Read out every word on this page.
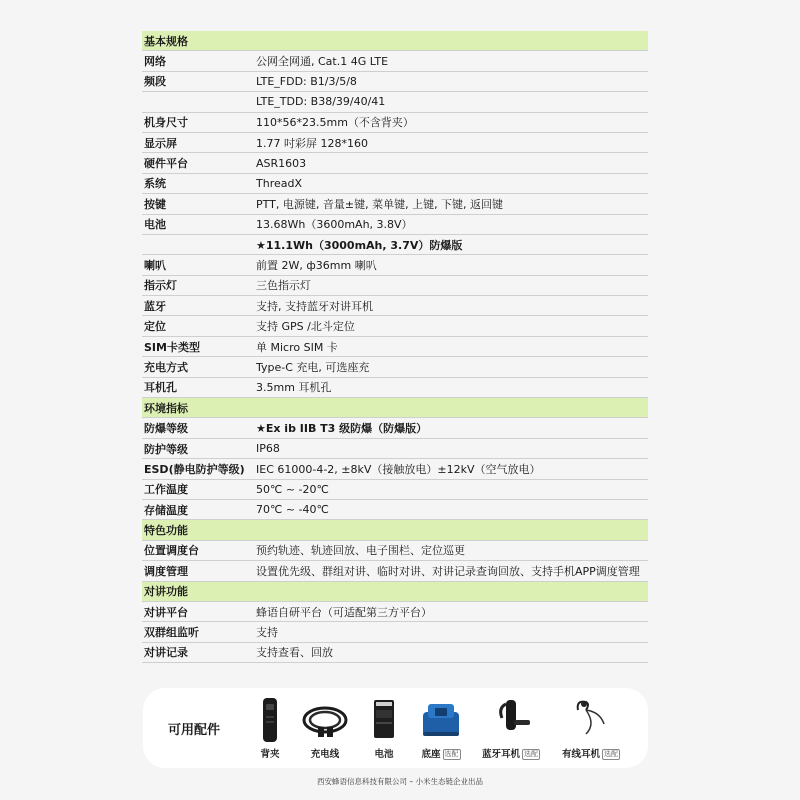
基本规格
网络	公网全网通, Cat.1 4G LTE
频段	LTE_FDD: B1/3/5/8
LTE_TDD: B38/39/40/41
机身尺寸	110*56*23.5mm（不含背夹）
显示屏	1.77 吋彩屏 128*160
硬件平台	ASR1603
系统	ThreadX
按键	PTT, 电源键, 音量±键, 菜单键, 上键, 下键, 返回键
电池	13.68Wh（3600mAh, 3.8V）
★11.1Wh（3000mAh, 3.7V）防爆版
喇叭	前置 2W, ф36mm 喇叭
指示灯	三色指示灯
蓝牙	支持, 支持蓝牙对讲耳机
定位	支持 GPS /北斗定位
SIM卡类型	单 Micro SIM 卡
充电方式	Type-C 充电, 可选座充
耳机孔	3.5mm 耳机孔
环境指标
防爆等级	★Ex ib IIB T3 级防爆（防爆版）
防护等级	IP68
ESD(静电防护等级)	IEC 61000-4-2, ±8kV（接触放电）±12kV（空气放电）
工作温度	50℃ ~ -20℃
存储温度	70℃ ~ -40℃
特色功能
位置调度台	预约轨迹、轨迹回放、电子围栏、定位巡更
调度管理	设置优先级、群组对讲、临时对讲、对讲记录查询回放、支持手机APP调度管理
对讲功能
对讲平台	蜂语自研平台（可适配第三方平台）
双群组监听	支持
对讲记录	支持查看、回放
可用配件
背夹	充电线	电池	底座 选配	蓝牙耳机 选配	有线耳机 选配
西安蜂语信息科技有限公司 – 小米生态链企业出品
